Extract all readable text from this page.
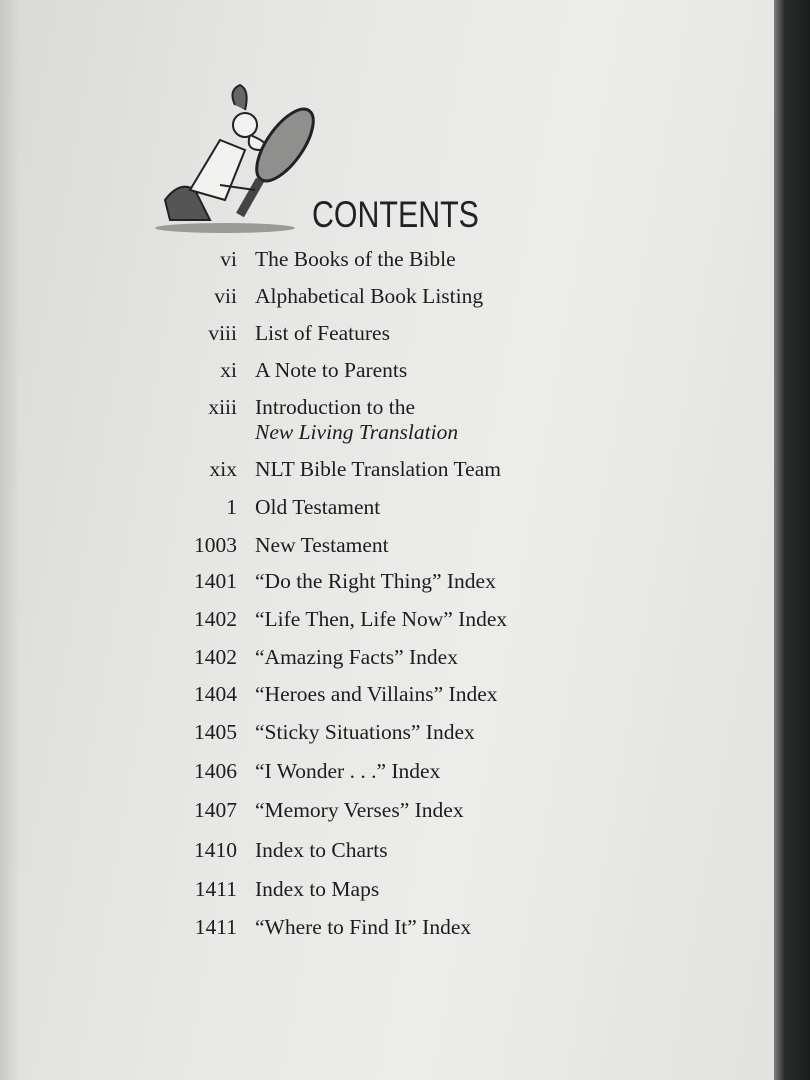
CONTENTS
vi The Books of the Bible
vii Alphabetical Book Listing
viii List of Features
xi A Note to Parents
xiii Introduction to the
New Living Translation
xix NLT Bible Translation Team
1 Old Testament
1003 New Testament
1401 “Do the Right Thing” Index
1402 “Life Then, Life Now” Index
1402 “Amazing Facts” Index
1404 “Heroes and Villains” Index
1405 “Sticky Situations” Index
1406 “I Wonder . . .” Index
1407 “Memory Verses” Index
1410 Index to Charts
1411 Index to Maps
1411 “Where to Find It” Index
